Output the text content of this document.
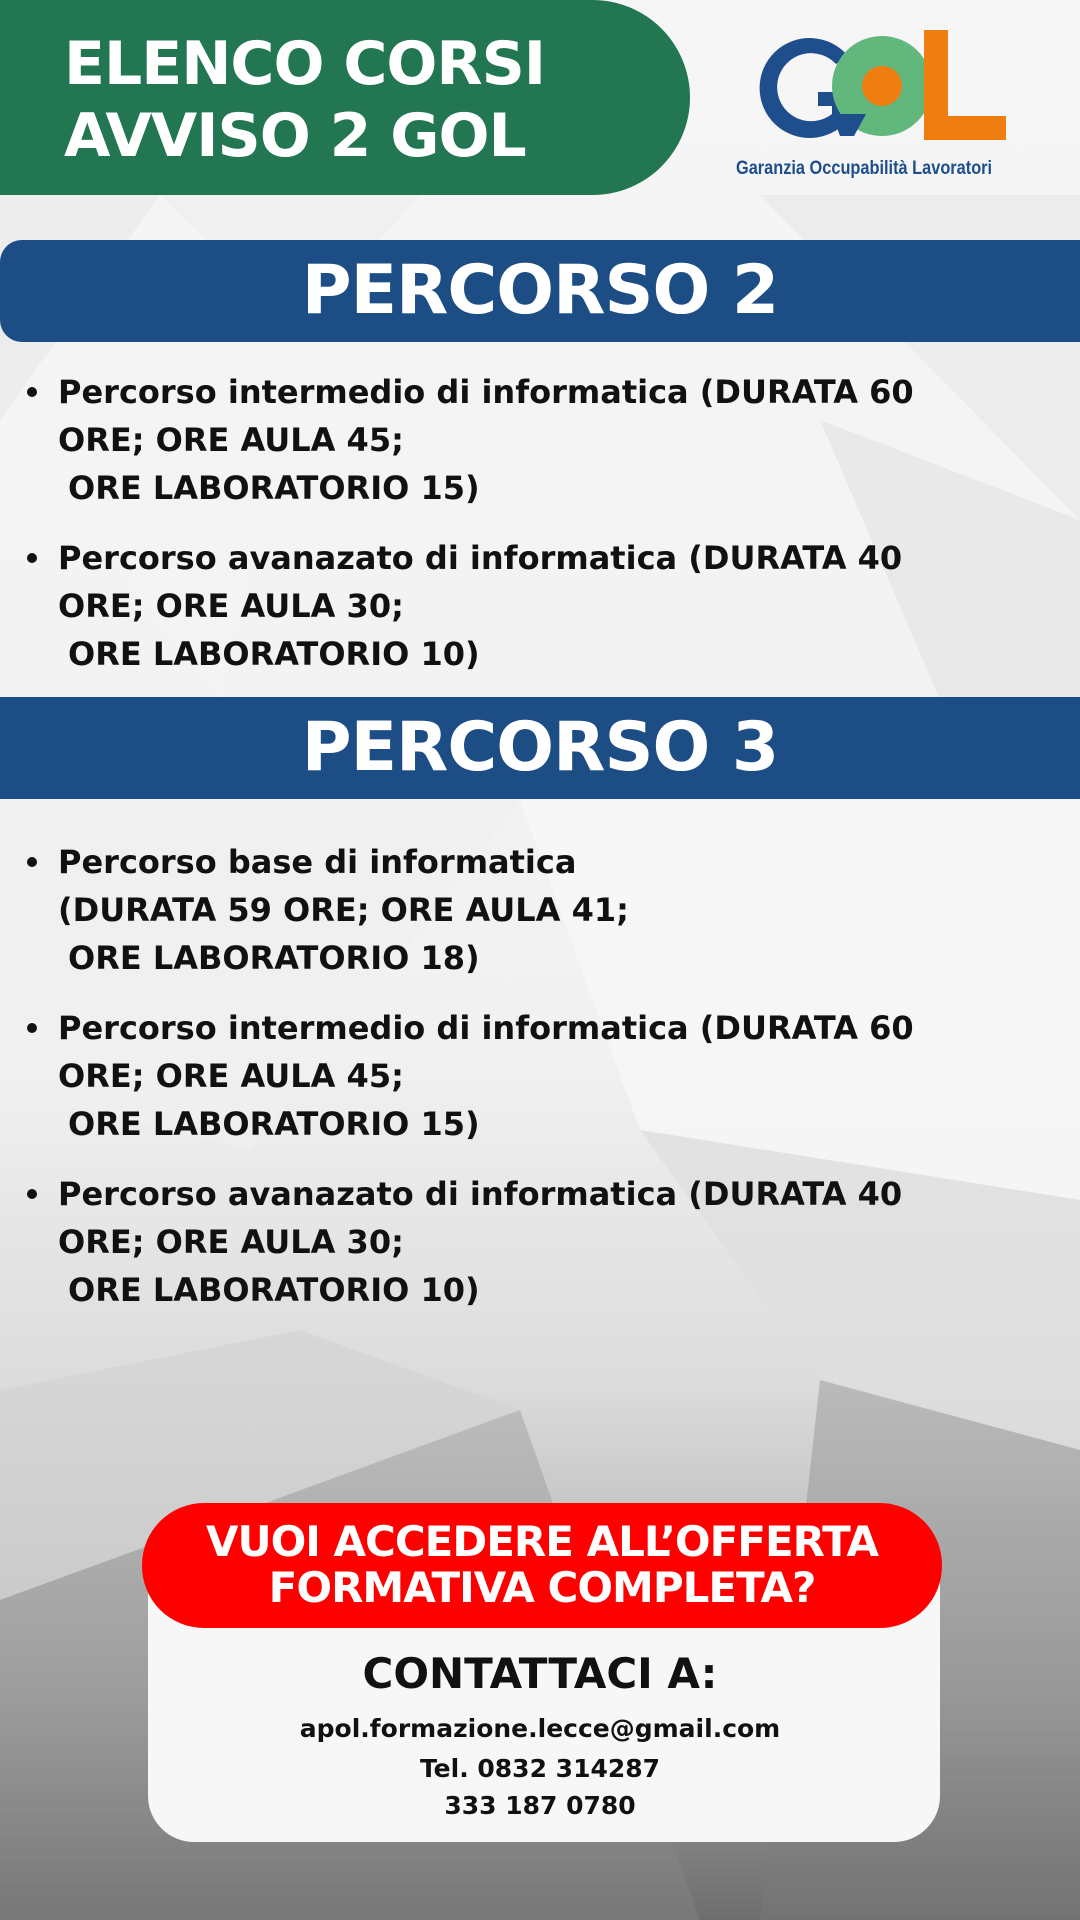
ELENCO CORSI
AVVISO 2 GOL	Garanzia Occupabilità Lavoratori
PERCORSO 2
Percorso intermedio di informatica (DURATA 60
ORE; ORE AULA 45;
ORE LABORATORIO 15)
Percorso avanazato di informatica (DURATA 40
ORE; ORE AULA 30;
ORE LABORATORIO 10)
PERCORSO 3
Percorso base di informatica
(DURATA 59 ORE; ORE AULA 41;
ORE LABORATORIO 18)
Percorso intermedio di informatica (DURATA 60
ORE; ORE AULA 45;
ORE LABORATORIO 15)
Percorso avanazato di informatica (DURATA 40
ORE; ORE AULA 30;
ORE LABORATORIO 10)

VUOI ACCEDERE ALL’OFFERTA
FORMATIVA COMPLETA?

CONTATTACI A:
apol.formazione.lecce@gmail.com
Tel. 0832 314287
333 187 0780
